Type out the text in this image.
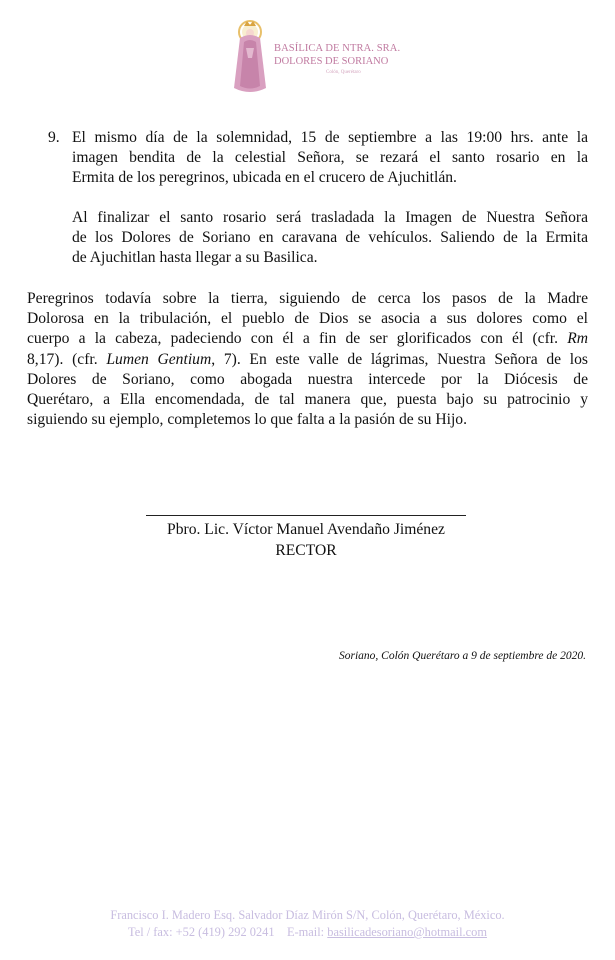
BASÍLICA DE NTRA. SRA.
DOLORES DE SORIANO
Colón, Querétaro
9. El mismo día de la solemnidad, 15 de septiembre a las 19:00 hrs. ante la
imagen bendita de la celestial Señora, se rezará el santo rosario en la
Ermita de los peregrinos, ubicada en el crucero de Ajuchitlán.
Al finalizar el santo rosario será trasladada la Imagen de Nuestra Señora
de los Dolores de Soriano en caravana de vehículos. Saliendo de la Ermita
de Ajuchitlan hasta llegar a su Basilica.
Peregrinos todavía sobre la tierra, siguiendo de cerca los pasos de la Madre
Dolorosa en la tribulación, el pueblo de Dios se asocia a sus dolores como el
cuerpo a la cabeza, padeciendo con él a fin de ser glorificados con él (cfr. Rm
8,17). (cfr. Lumen Gentium, 7). En este valle de lágrimas, Nuestra Señora de los
Dolores de Soriano, como abogada nuestra intercede por la Diócesis de
Querétaro, a Ella encomendada, de tal manera que, puesta bajo su patrocinio y
siguiendo su ejemplo, completemos lo que falta a la pasión de su Hijo.
Pbro. Lic. Víctor Manuel Avendaño Jiménez
RECTOR
Soriano, Colón Querétaro a 9 de septiembre de 2020.
Francisco I. Madero Esq. Salvador Díaz Mirón S/N, Colón, Querétaro, México.
Tel / fax: +52 (419) 292 0241 E-mail: basilicadesoriano@hotmail.com
